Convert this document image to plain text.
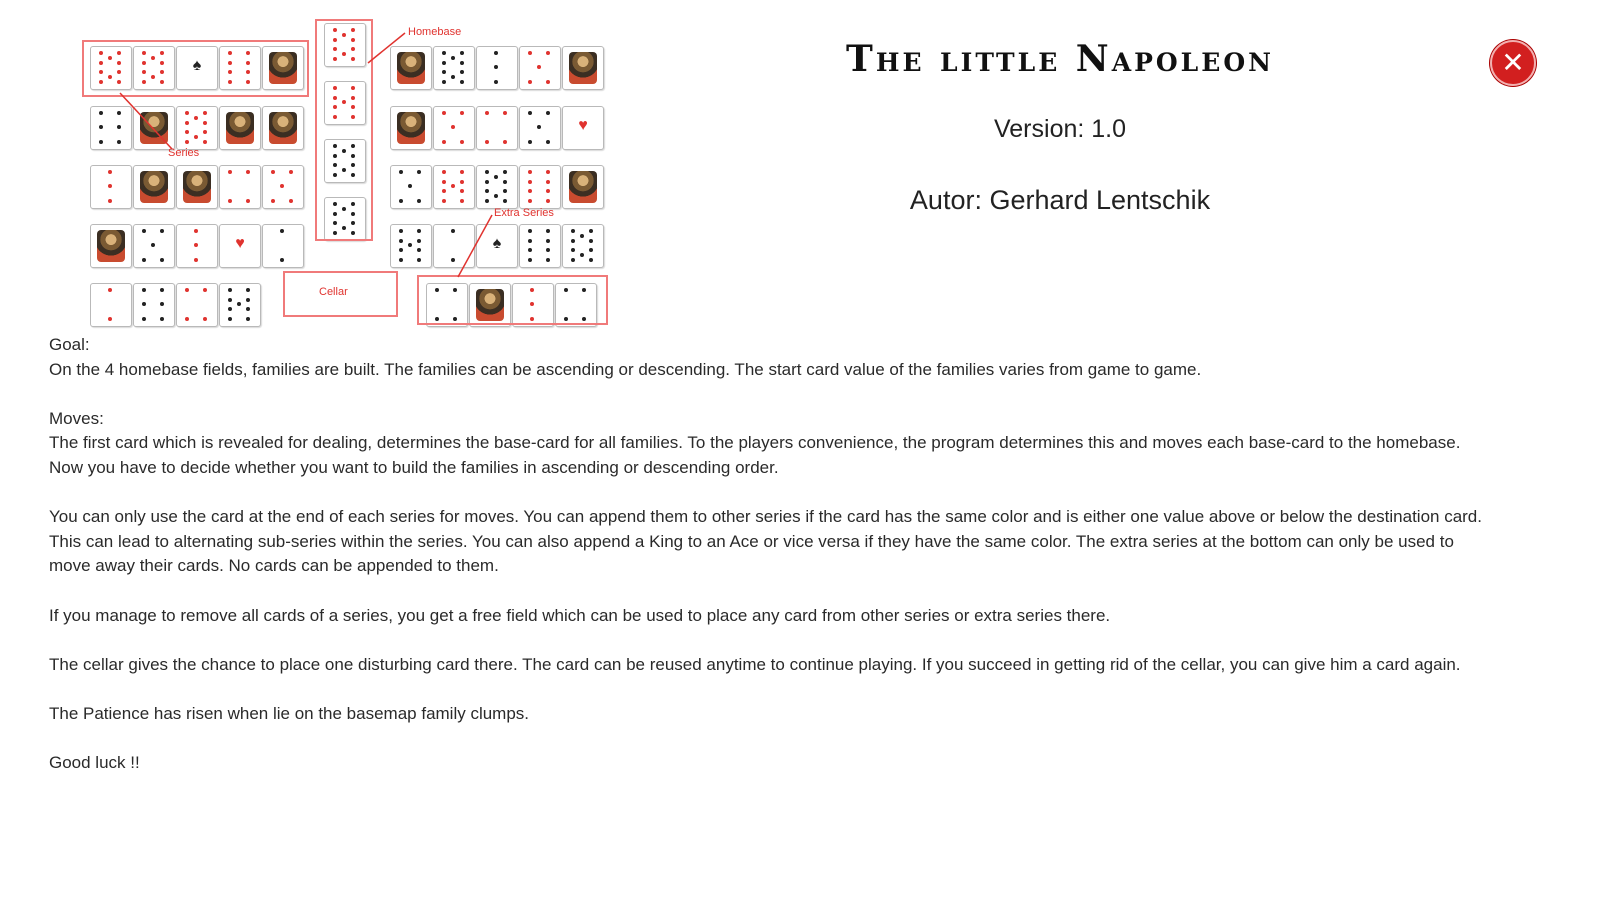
♠
♥
♥
♠
Cellar
Homebase
Series
Extra Series
The little Napoleon
Version: 1.0
Autor: Gerhard Lentschik
✕

Goal:
On the 4 homebase fields, families are built. The families can be ascending or descending. The start card value of the families varies from game to game.

Moves:
The first card which is revealed for dealing, determines the base-card for all families. To the players convenience, the program determines this and moves each base-card to the homebase. Now you have to decide whether you want to build the families in ascending or descending order.

You can only use the card at the end of each series for moves. You can append them to other series if the card has the same color and is either one value above or below the destination card. This can lead to alternating sub-series within the series. You can also append a King to an Ace or vice versa if they have the same color. The extra series at the bottom can only be used to move away their cards. No cards can be appended to them.

If you manage to remove all cards of a series, you get a free field which can be used to place any card from other series or extra series there.

The cellar gives the chance to place one disturbing card there. The card can be reused anytime to continue playing. If you succeed in getting rid of the cellar, you can give him a card again.

The Patience has risen when lie on the basemap family clumps.

Good luck !!
